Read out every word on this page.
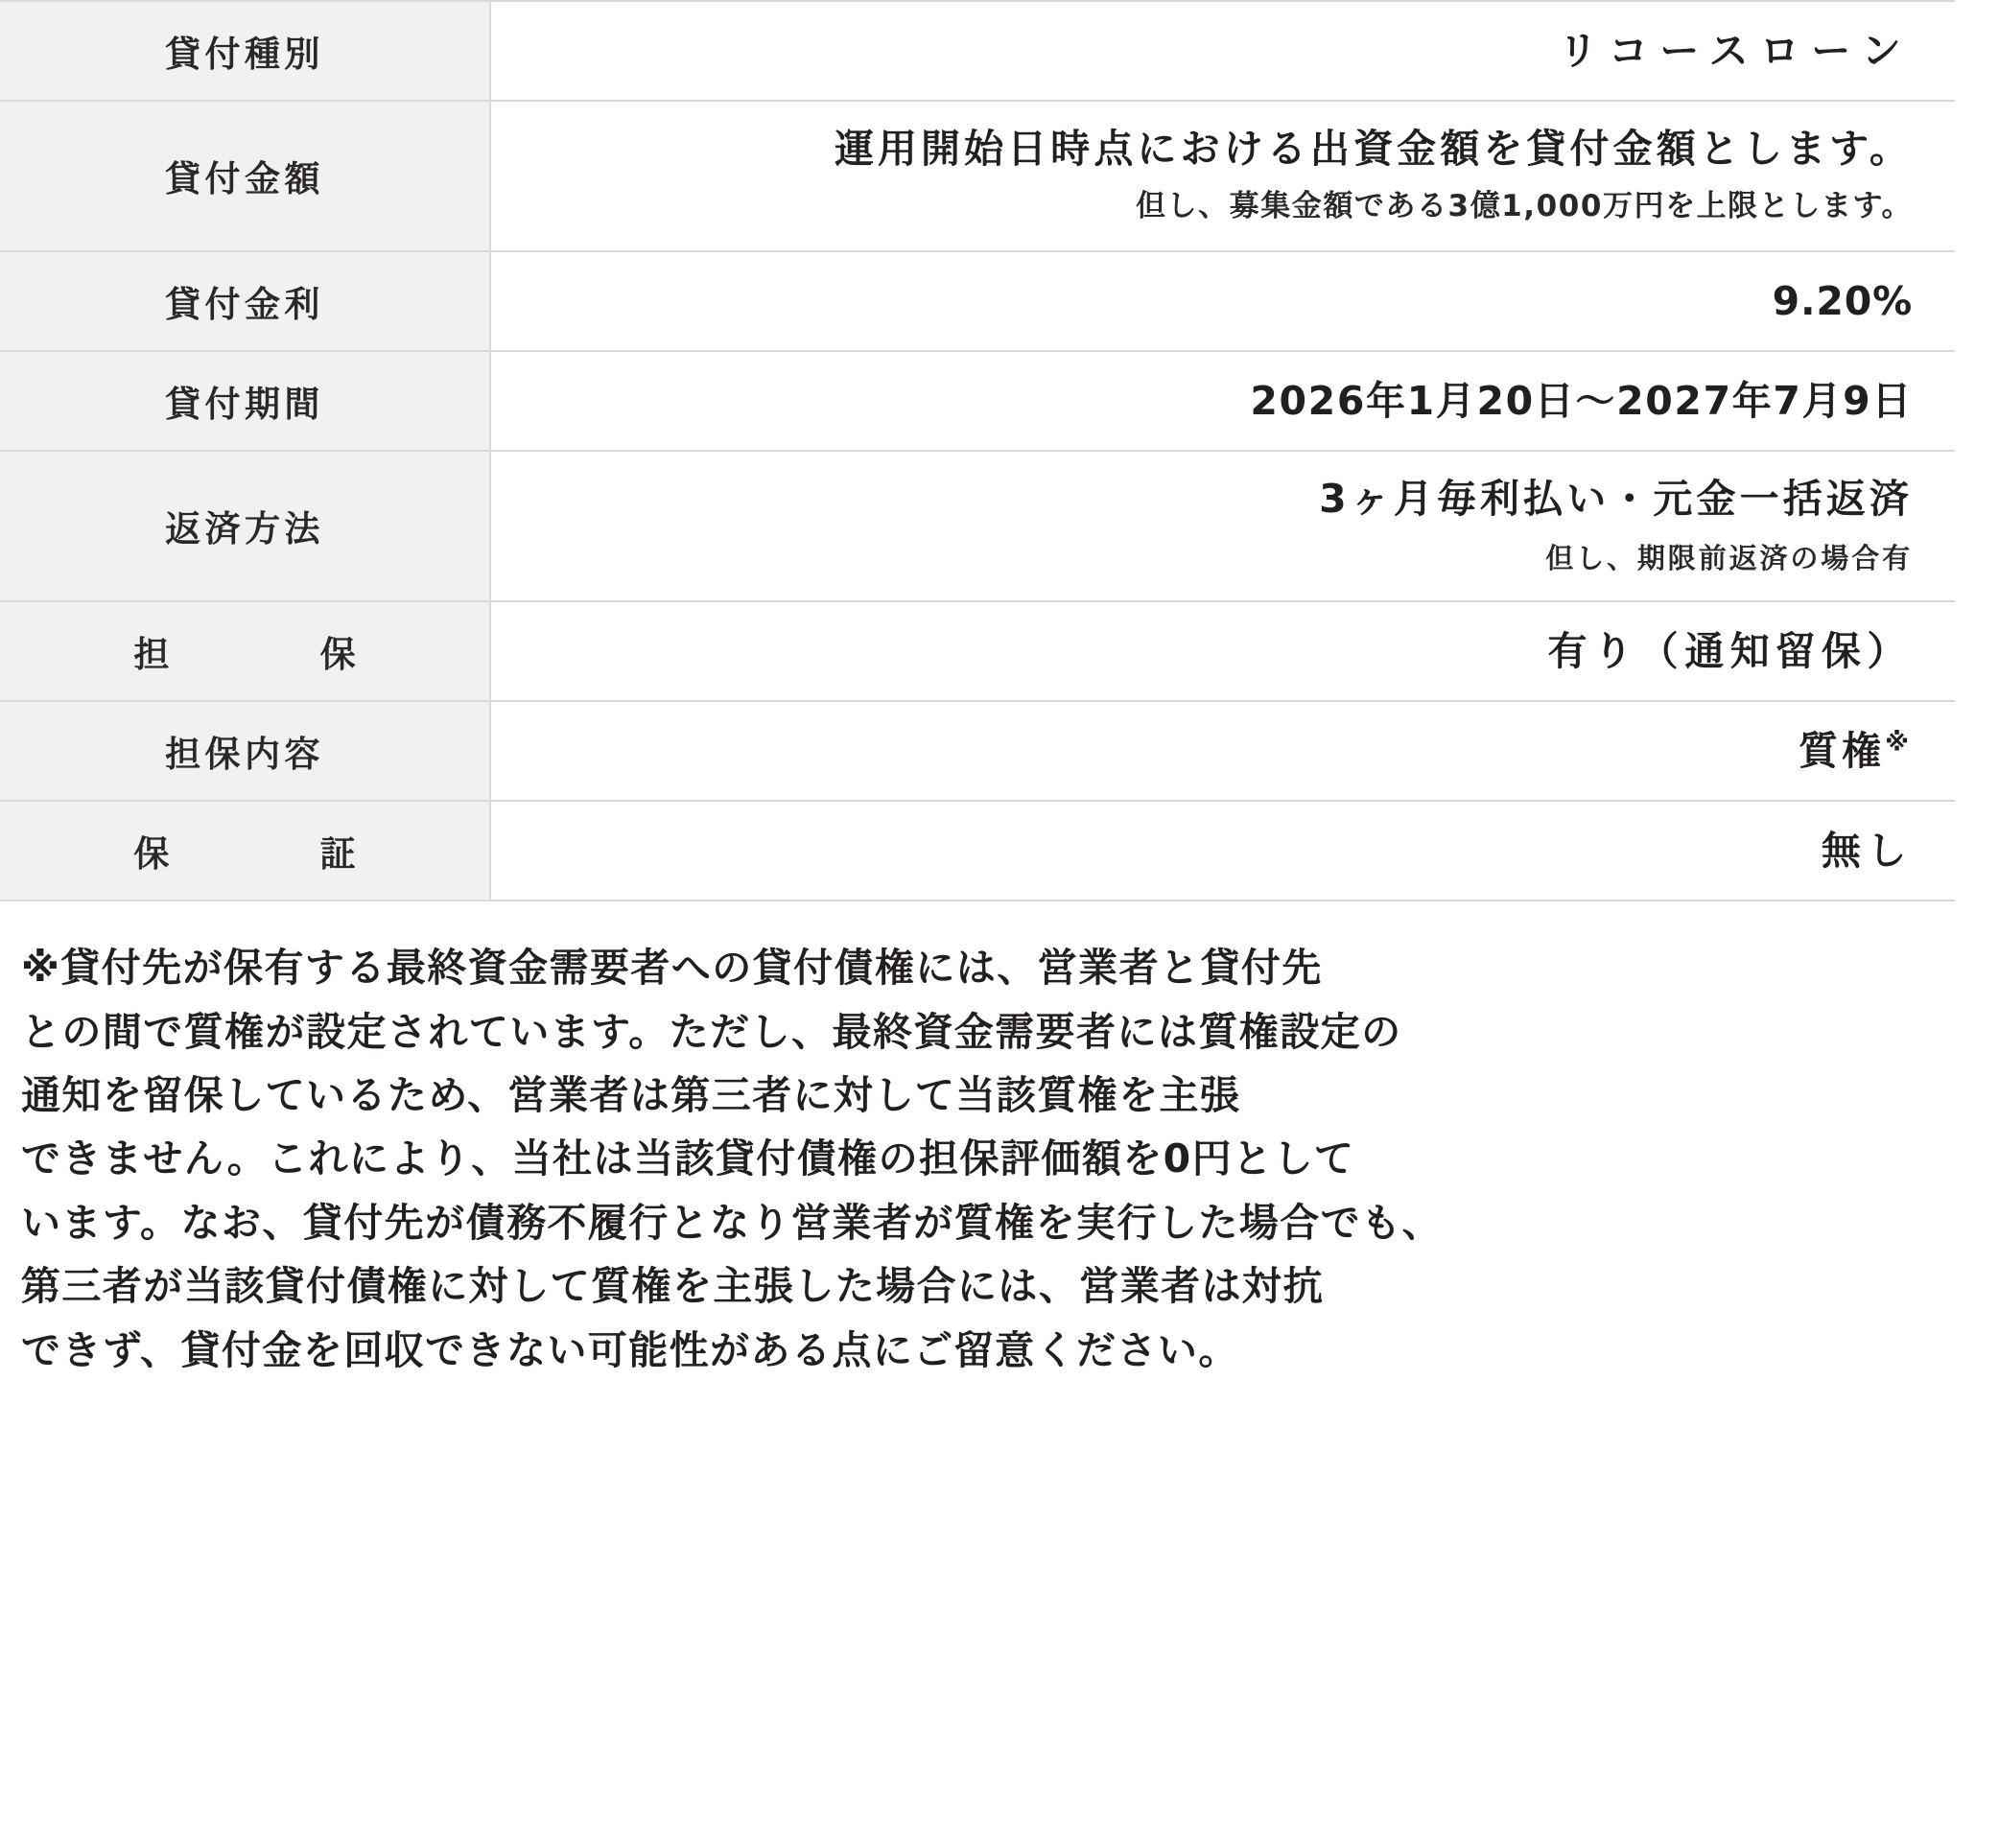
貸付種別	リコースローン

貸付金額	運用開始日時点における出資金額を貸付金額とします。
但し、募集金額である3億1,000万円を上限とします。

貸付金利	9.20%

貸付期間	2026年1月20日〜2027年7月9日

返済方法	3ヶ月毎利払い・元金一括返済
但し、期限前返済の場合有

担　　保	有り（通知留保）

担保内容	質権※

保　　証	無し

※貸付先が保有する最終資金需要者への貸付債権には、営業者と貸付先

との間で質権が設定されています。ただし、最終資金需要者には質権設定の

通知を留保しているため、営業者は第三者に対して当該質権を主張

できません。これにより、当社は当該貸付債権の担保評価額を0円として

います。なお、貸付先が債務不履行となり営業者が質権を実行した場合でも、

第三者が当該貸付債権に対して質権を主張した場合には、営業者は対抗

できず、貸付金を回収できない可能性がある点にご留意ください。
